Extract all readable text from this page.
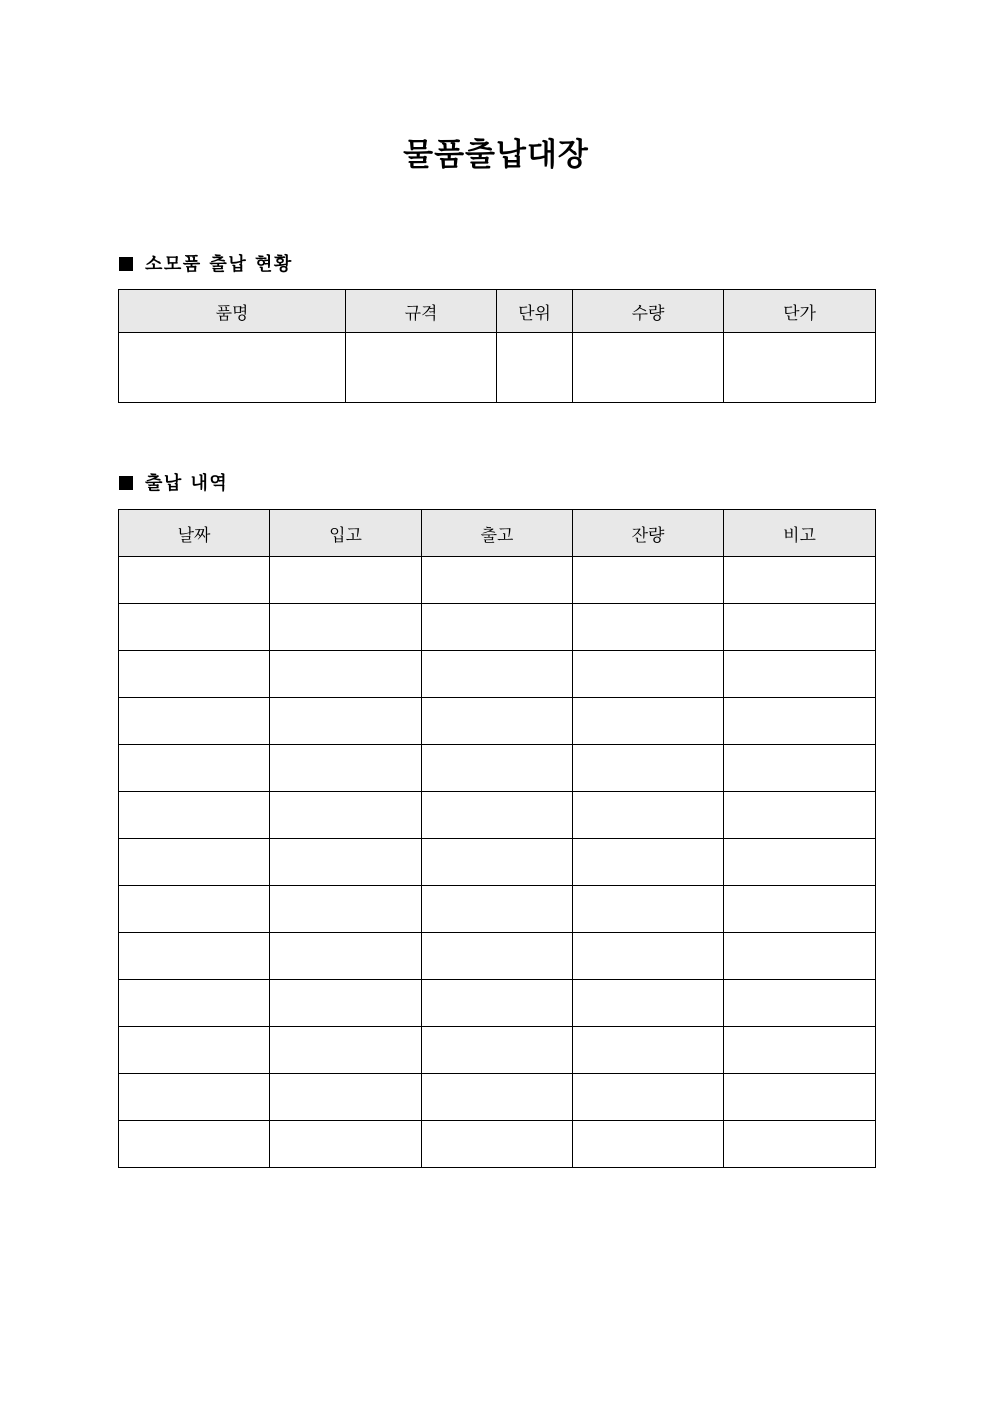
물품출납대장
소모품 출납 현황
품명	규격	단위	수량	단가

출납 내역
날짜	입고	출고	잔량	비고
